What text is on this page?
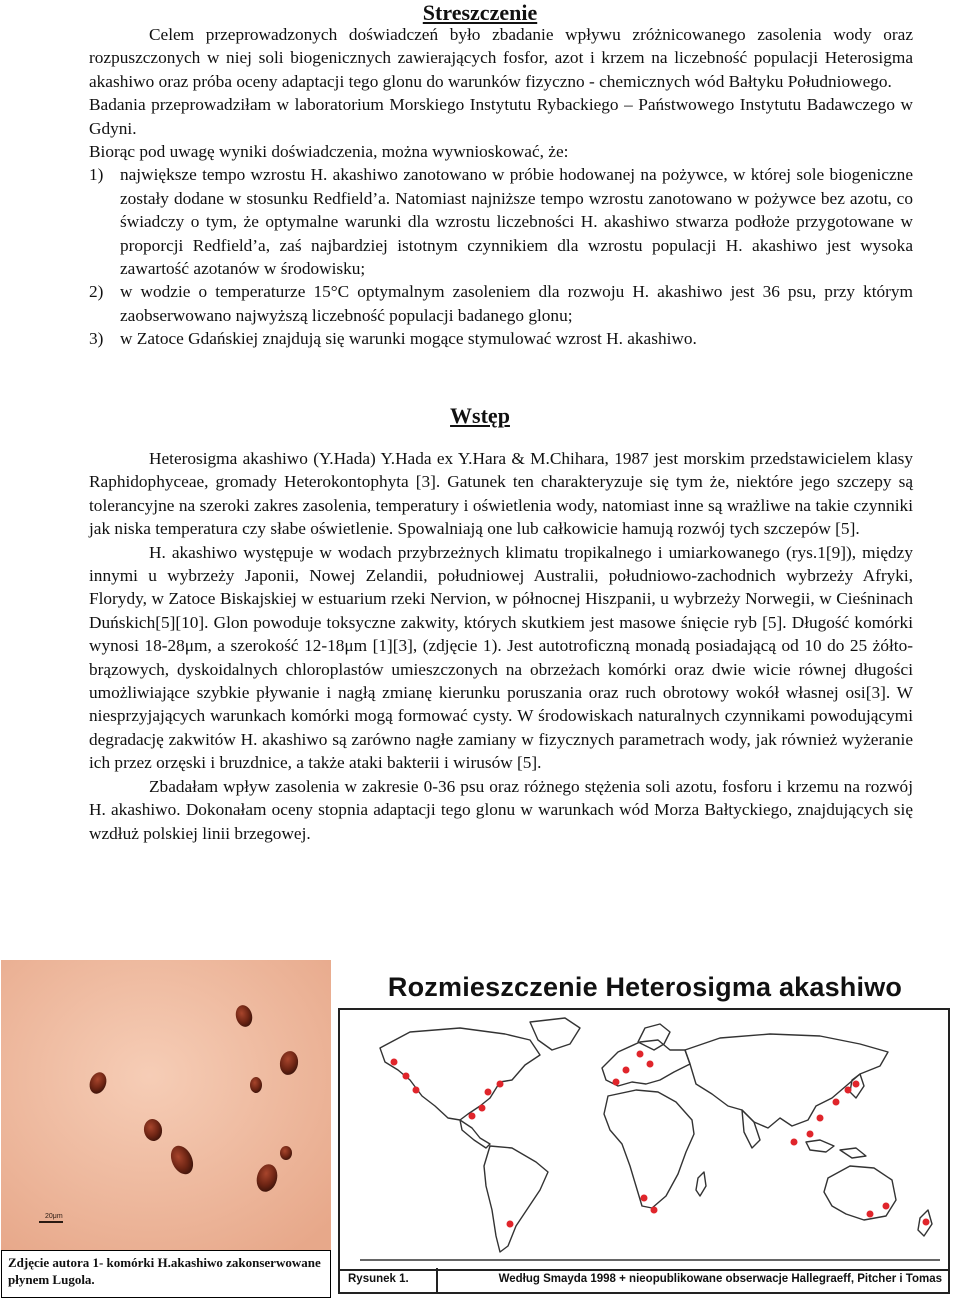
Streszczenie

Celem przeprowadzonych doświadczeń było zbadanie wpływu zróżnicowanego zasolenia wody oraz rozpuszczonych w niej soli biogenicznych zawierających fosfor, azot i krzem na liczebność populacji Heterosigma akashiwo oraz próba oceny adaptacji tego glonu do warunków fizyczno - chemicznych wód Bałtyku Południowego.

Badania przeprowadziłam w laboratorium Morskiego Instytutu Rybackiego – Państwowego Instytutu Badawczego w Gdyni.

Biorąc pod uwagę wyniki doświadczenia, można wywnioskować, że:

1) największe tempo wzrostu H. akashiwo zanotowano w próbie hodowanej na pożywce, w której sole biogeniczne zostały dodane w stosunku Redfield’a. Natomiast najniższe tempo wzrostu zanotowano w pożywce bez azotu, co świadczy o tym, że optymalne warunki dla wzrostu liczebności H. akashiwo stwarza podłoże przygotowane w proporcji Redfield’a, zaś najbardziej istotnym czynnikiem dla wzrostu populacji H. akashiwo jest wysoka zawartość azotanów w środowisku;
2) w wodzie o temperaturze 15°C optymalnym zasoleniem dla rozwoju H. akashiwo jest 36 psu, przy którym zaobserwowano najwyższą liczebność populacji badanego glonu;
3) w Zatoce Gdańskiej znajdują się warunki mogące stymulować wzrost H. akashiwo.
Wstęp

Heterosigma akashiwo (Y.Hada) Y.Hada ex Y.Hara & M.Chihara, 1987 jest morskim przedstawicielem klasy Raphidophyceae, gromady Heterokontophyta [3]. Gatunek ten charakteryzuje się tym że, niektóre jego szczepy są tolerancyjne na szeroki zakres zasolenia, temperatury i oświetlenia wody, natomiast inne są wrażliwe na takie czynniki jak niska temperatura czy słabe oświetlenie. Spowalniają one lub całkowicie hamują rozwój tych szczepów [5].

H. akashiwo występuje w wodach przybrzeżnych klimatu tropikalnego i umiarkowanego (rys.1[9]), między innymi u wybrzeży Japonii, Nowej Zelandii, południowej Australii, południowo-zachodnich wybrzeży Afryki, Florydy, w Zatoce Biskajskiej w estuarium rzeki Nervion, w północnej Hiszpanii, u wybrzeży Norwegii, w Cieśninach Duńskich[5][10]. Glon powoduje toksyczne zakwity, których skutkiem jest masowe śnięcie ryb [5]. Długość komórki wynosi 18-28μm, a szerokość 12-18μm [1][3], (zdjęcie 1). Jest autotroficzną monadą posiadającą od 10 do 25 żółto-brązowych, dyskoidalnych chloroplastów umieszczonych na obrzeżach komórki oraz dwie wicie równej długości umożliwiające szybkie pływanie i nagłą zmianę kierunku poruszania oraz ruch obrotowy wokół własnej osi[3]. W niesprzyjających warunkach komórki mogą formować cysty. W środowiskach naturalnych czynnikami powodującymi degradację zakwitów H. akashiwo są zarówno nagłe zamiany w fizycznych parametrach wody, jak również wyżeranie ich przez orzęski i bruzdnice, a także ataki bakterii i wirusów [5].

Zbadałam wpływ zasolenia w zakresie 0-36 psu oraz różnego stężenia soli azotu, fosforu i krzemu na rozwój H. akashiwo. Dokonałam oceny stopnia adaptacji tego glonu w warunkach wód Morza Bałtyckiego, znajdujących się wzdłuż polskiej linii brzegowej.

20μm
Zdjęcie autora 1- komórki H.akashiwo zakonserwowane płynem Lugola.
Rozmieszczenie Heterosigma akashiwo
Rysunek 1.	Według Smayda 1998 + nieopublikowane obserwacje Hallegraeff, Pitcher i Tomas
